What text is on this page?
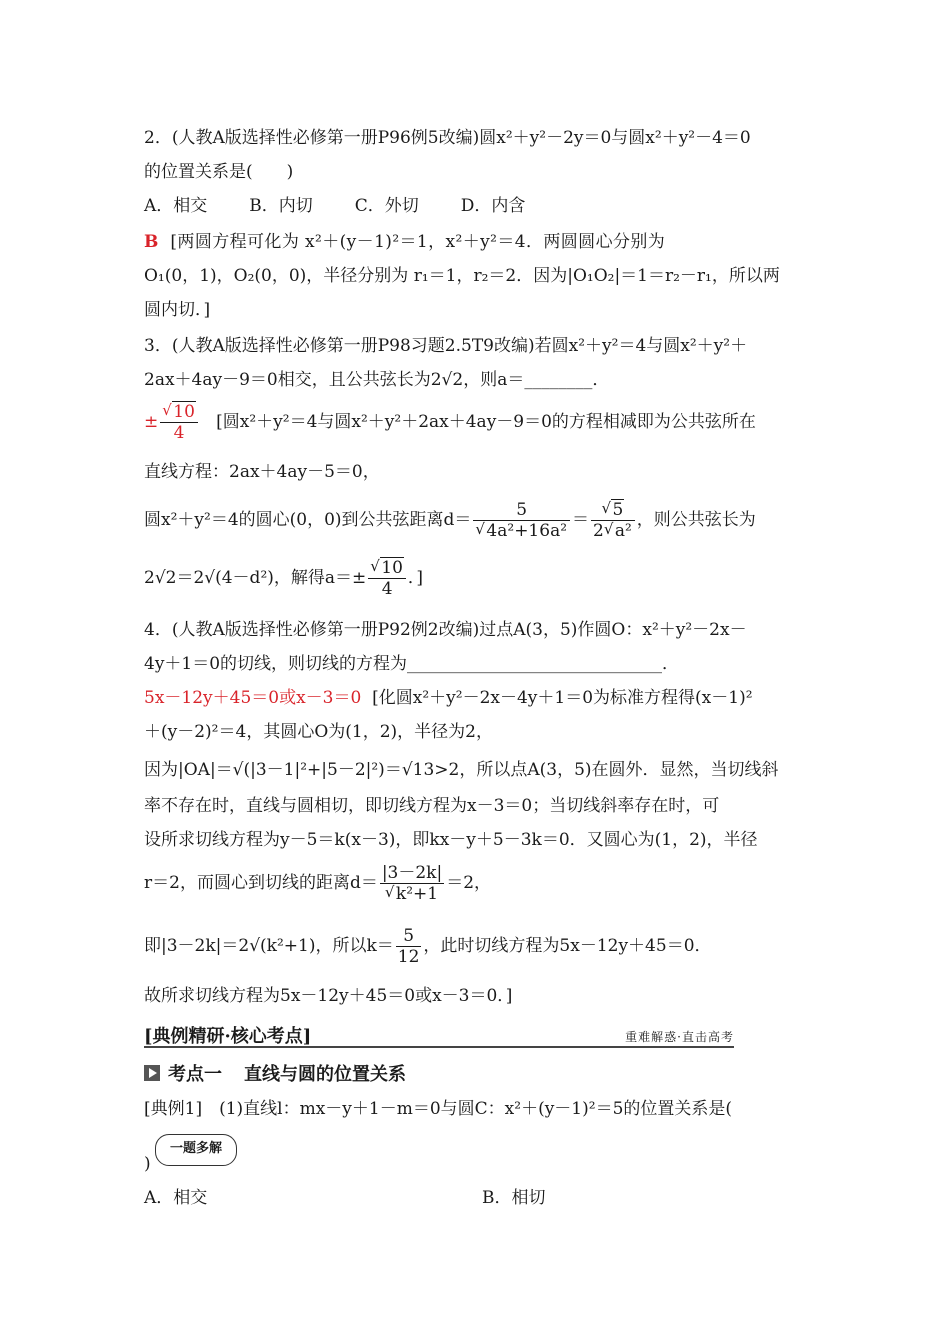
2．(人教A版选择性必修第一册P96例5改编)圆x²＋y²－2y＝0与圆x²＋y²－4＝0
的位置关系是(　　)
A．相交 B．内切 C．外切 D．内含
B [两圆方程可化为 x²＋(y－1)²＝1，x²＋y²＝4．两圆圆心分别为
O₁(0，1)，O₂(0，0)，半径分别为 r₁＝1，r₂＝2．因为|O₁O₂|＝1＝r₂－r₁，所以两
圆内切．]
3．(人教A版选择性必修第一册P98习题2.5T9改编)若圆x²＋y²＝4与圆x²＋y²＋
2ax＋4ay－9＝0相交，且公共弦长为2√2，则a＝________．
± √ $\frac{10}{4}$ [圆x²＋y²＝4与圆x²＋y²＋2ax＋4ay－9＝0的方程相减即为公共弦所在
直线方程：2ax＋4ay－5＝0，
圆x²＋y²＝4的圆心(0，0)到公共弦距离d＝ 5
√ 4a²+16a² ＝ √ $\frac{5}{\text{2 √ a²}}$ ，则公共弦长为
2√2＝2√(4－d²)，解得a＝± √ $\frac{10}{4}$ ．]
4．(人教A版选择性必修第一册P92例2改编)过点A(3，5)作圆O：x²＋y²－2x－
4y＋1＝0的切线，则切线的方程为______________________________．
5x－12y＋45＝0或x－3＝0 [化圆x²＋y²－2x－4y＋1＝0为标准方程得(x－1)²
＋(y－2)²＝4，其圆心O为(1，2)，半径为2，
因为|OA|＝√(|3－1|²+|5－2|²)＝√13>2，所以点A(3，5)在圆外．显然，当切线斜
率不存在时，直线与圆相切，即切线方程为x－3＝0；当切线斜率存在时，可
设所求切线方程为y－5＝k(x－3)，即kx－y＋5－3k＝0．又圆心为(1，2)，半径
r＝2，而圆心到切线的距离d＝ |3－2k|
√ k²+1 ＝2，
即|3－2k|＝2√(k²+1)，所以$k= \frac{5}{12}$ ，此时切线方程为5x－12y＋45＝0．
故所求切线方程为5x－12y＋45＝0或x－3＝0．]
[典例精研·核心考点]	重难解惑·直击高考
考点一 直线与圆的位置关系
[典例1]　(1)直线l：mx－y＋1－m＝0与圆C：x²＋(y－1)²＝5的位置关系是(
一题多解
)
A．相交	B．相切
